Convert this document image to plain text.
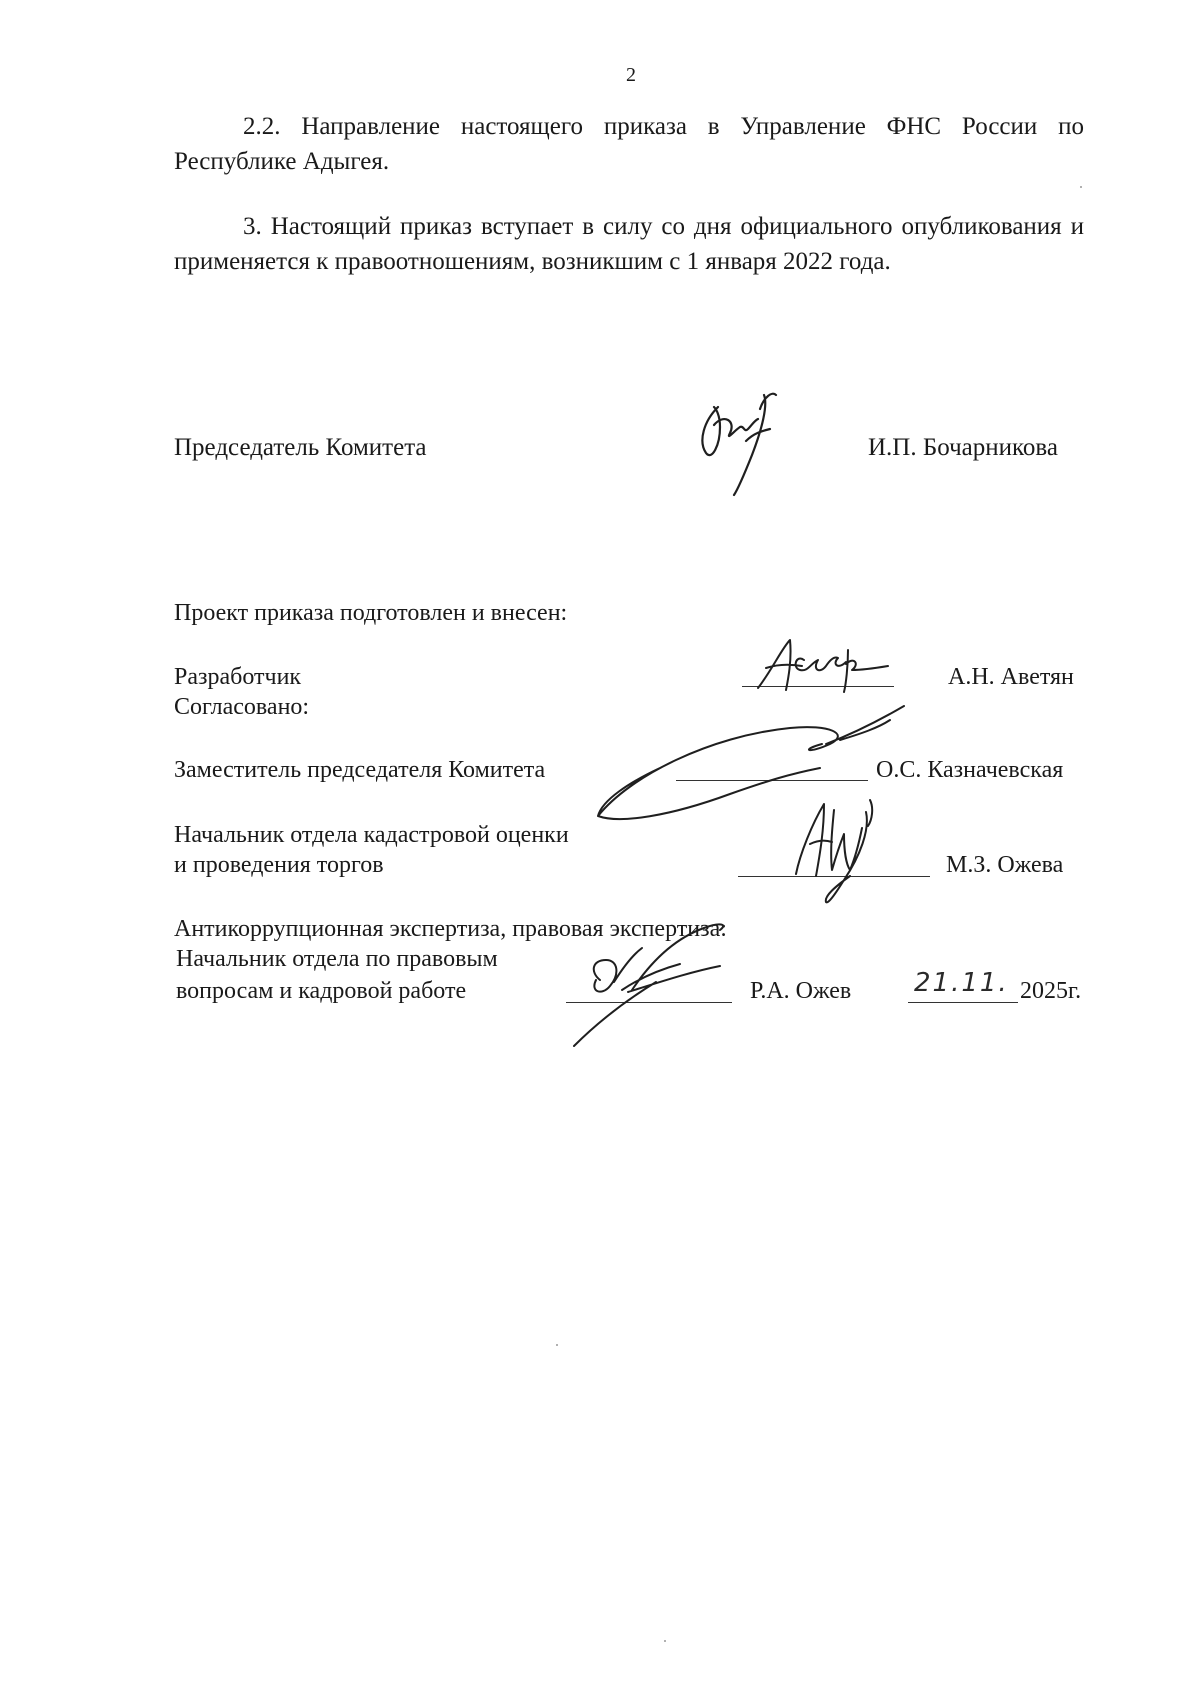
2

2.2. Направление настоящего приказа в Управление ФНС России по Республике Адыгея.

3. Настоящий приказ вступает в силу со дня официального опубликования и применяется к правоотношениям, возникшим с 1 января 2022 года.

Председатель Комитета	И.П. Бочарникова
Проект приказа подготовлен и внесен:
Разработчик	А.Н. Аветян
Согласовано:
Заместитель председателя Комитета	О.С. Казначевская
Начальник отдела кадастровой оценки
и проведения торгов	М.З. Ожева
Антикоррупционная экспертиза, правовая экспертиза:
Начальник отдела по правовым
вопросам и кадровой работе	Р.А. Ожев 21.11. 2025г.
